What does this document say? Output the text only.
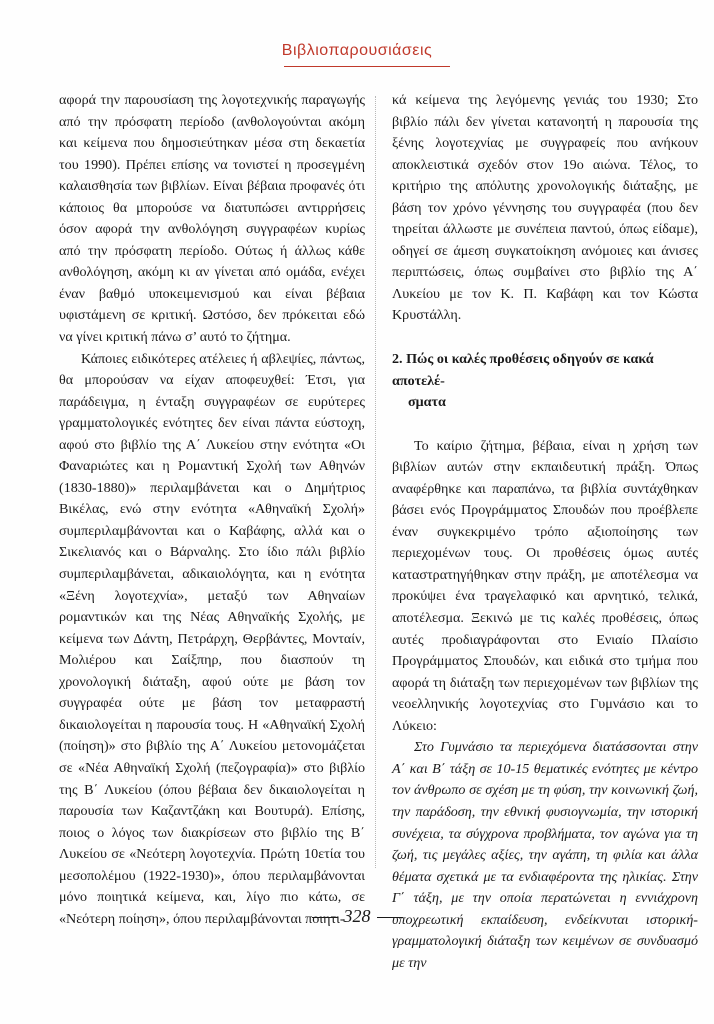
Βιβλιοπαρουσιάσεις

αφορά την παρουσίαση της λογοτεχνικής παραγωγής από την πρόσφατη περίοδο (ανθολογούνται ακόμη και κείμενα που δημοσιεύτηκαν μέσα στη δεκαετία του 1990). Πρέπει επίσης να τονιστεί η προσεγμένη καλαισθησία των βιβλίων. Είναι βέβαια προφανές ότι κάποιος θα μπορούσε να διατυπώσει αντιρρήσεις όσον αφορά την ανθολόγηση συγγραφέων κυρίως από την πρόσφατη περίοδο. Ούτως ή άλλως κάθε ανθολόγηση, ακόμη κι αν γίνεται από ομάδα, ενέχει έναν βαθμό υποκειμενισμού και είναι βέβαια υφιστάμενη σε κριτική. Ωστόσο, δεν πρόκειται εδώ να γίνει κριτική πάνω σ’ αυτό το ζήτημα.

Κάποιες ειδικότερες ατέλειες ή αβλεψίες, πάντως, θα μπορούσαν να είχαν αποφευχθεί: Έτσι, για παράδειγμα, η ένταξη συγγραφέων σε ευρύτερες γραμματολογικές ενότητες δεν είναι πάντα εύστοχη, αφού στο βιβλίο της Α΄ Λυκείου στην ενότητα «Οι Φαναριώτες και η Ρομαντική Σχολή των Αθηνών (1830-1880)» περιλαμβάνεται και ο Δημήτριος Βικέλας, ενώ στην ενότητα «Αθηναϊκή Σχολή» συμπεριλαμβάνονται και ο Καβάφης, αλλά και ο Σικελιανός και ο Βάρναλης. Στο ίδιο πάλι βιβλίο συμπεριλαμβάνεται, αδικαιολόγητα, και η ενότητα «Ξένη λογοτεχνία», μεταξύ των Αθηναίων ρομαντικών και της Νέας Αθηναϊκής Σχολής, με κείμενα των Δάντη, Πετράρχη, Θερβάντες, Μονταίν, Μολιέρου και Σαίξπηρ, που διασπούν τη χρονολογική διάταξη, αφού ούτε με βάση τον συγγραφέα ούτε με βάση τον μεταφραστή δικαιολογείται η παρουσία τους. Η «Αθηναϊκή Σχολή (ποίηση)» στο βιβλίο της Α΄ Λυκείου μετονομάζεται σε «Νέα Αθηναϊκή Σχολή (πεζογραφία)» στο βιβλίο της Β΄ Λυκείου (όπου βέβαια δεν δικαιολογείται η παρουσία των Καζαντζάκη και Βουτυρά). Επίσης, ποιος ο λόγος των διακρίσεων στο βιβλίο της Β΄ Λυκείου σε «Νεότερη λογοτεχνία. Πρώτη 10ετία του μεσοπολέμου (1922-1930)», όπου περιλαμβάνονται μόνο ποιητικά κείμενα, και, λίγο πιο κάτω, σε «Νεότερη ποίηση», όπου περιλαμβάνονται ποιητι-

κά κείμενα της λεγόμενης γενιάς του 1930; Στο βιβλίο πάλι δεν γίνεται κατανοητή η παρουσία της ξένης λογοτεχνίας με συγγραφείς που ανήκουν αποκλειστικά σχεδόν στον 19ο αιώνα. Τέλος, το κριτήριο της απόλυτης χρονολογικής διάταξης, με βάση τον χρόνο γέννησης του συγγραφέα (που δεν τηρείται άλλωστε με συνέπεια παντού, όπως είδαμε), οδηγεί σε άμεση συγκατοίκηση ανόμοιες και άνισες περιπτώσεις, όπως συμβαίνει στο βιβλίο της Α΄ Λυκείου με τον Κ. Π. Καβάφη και τον Κώστα Κρυστάλλη.

2. Πώς οι καλές προθέσεις οδηγούν σε κακά αποτελέ-
σματα

Το καίριο ζήτημα, βέβαια, είναι η χρήση των βιβλίων αυτών στην εκπαιδευτική πράξη. Όπως αναφέρθηκε και παραπάνω, τα βιβλία συντάχθηκαν βάσει ενός Προγράμματος Σπουδών που προέβλεπε έναν συγκεκριμένο τρόπο αξιοποίησης των περιεχομένων τους. Οι προθέσεις όμως αυτές καταστρατηγήθηκαν στην πράξη, με αποτέλεσμα να προκύψει ένα τραγελαφικό και αρνητικό, τελικά, αποτέλεσμα. Ξεκινώ με τις καλές προθέσεις, όπως αυτές προδιαγράφονται στο Ενιαίο Πλαίσιο Προγράμματος Σπουδών, και ειδικά στο τμήμα που αφορά τη διάταξη των περιεχομένων των βιβλίων της νεοελληνικής λογοτεχνίας στο Γυμνάσιο και το Λύκειο:

Στο Γυμνάσιο τα περιεχόμενα διατάσσονται στην Α΄ και Β΄ τάξη σε 10-15 θεματικές ενότητες με κέντρο τον άνθρωπο σε σχέση με τη φύση, την κοινωνική ζωή, την παράδοση, την εθνική φυσιογνωμία, την ιστορική συνέχεια, τα σύγχρονα προβλήματα, τον αγώνα για τη ζωή, τις μεγάλες αξίες, την αγάπη, τη φιλία και άλλα θέματα σχετικά με τα ενδιαφέροντα της ηλικίας. Στην Γ΄ τάξη, με την οποία περατώνεται η εννιάχρονη υποχρεωτική εκπαίδευση, ενδείκνυται ιστορική-γραμματολογική διάταξη των κειμένων σε συνδυασμό με την

328
